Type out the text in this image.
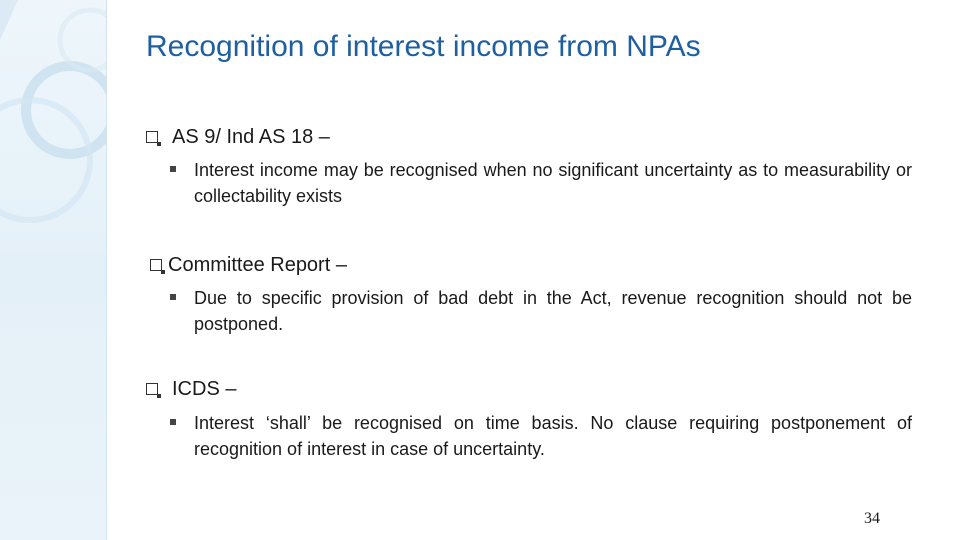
Recognition of interest income from NPAs
AS 9/ Ind AS 18 –
Interest income may be recognised when no significant uncertainty as to measurability or collectability exists
Committee Report –
Due to specific provision of bad debt in the Act, revenue recognition should not be postponed.
ICDS –
Interest ‘shall’ be recognised on time basis. No clause requiring postponement of recognition of interest in case of uncertainty.
34
